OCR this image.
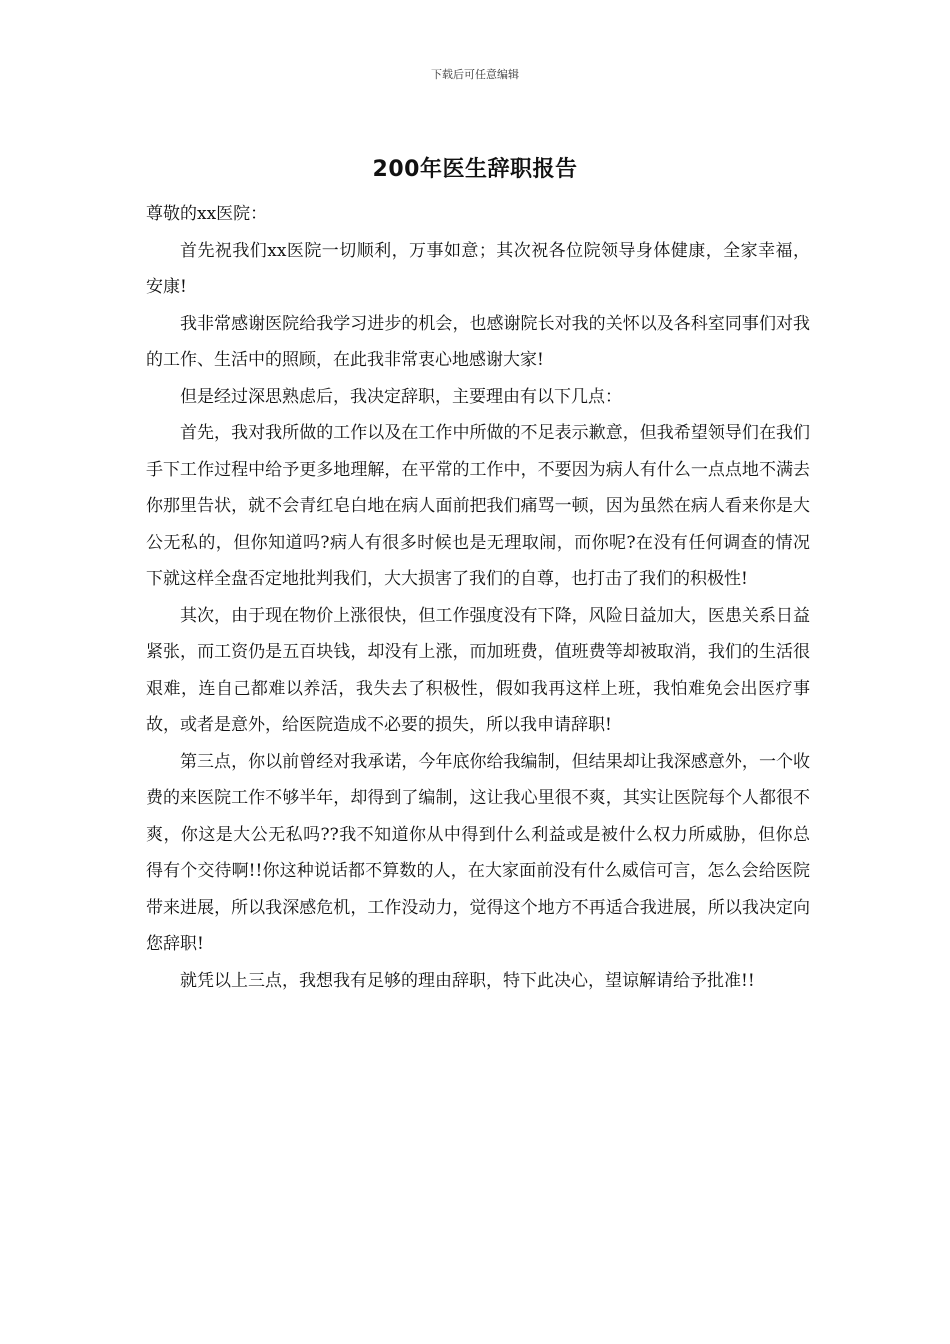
下载后可任意编辑
200年医生辞职报告

尊敬的xx医院：

首先祝我们xx医院一切顺利，万事如意；其次祝各位院领导身体健康，全家幸福，安康!

我非常感谢医院给我学习进步的机会，也感谢院长对我的关怀以及各科室同事们对我的工作、生活中的照顾，在此我非常衷心地感谢大家!

但是经过深思熟虑后，我决定辞职，主要理由有以下几点：

首先，我对我所做的工作以及在工作中所做的不足表示歉意，但我希望领导们在我们手下工作过程中给予更多地理解，在平常的工作中，不要因为病人有什么一点点地不满去你那里告状，就不会青红皂白地在病人面前把我们痛骂一顿，因为虽然在病人看来你是大公无私的，但你知道吗?病人有很多时候也是无理取闹，而你呢?在没有任何调查的情况下就这样全盘否定地批判我们，大大损害了我们的自尊，也打击了我们的积极性!

其次，由于现在物价上涨很快，但工作强度没有下降，风险日益加大，医患关系日益紧张，而工资仍是五百块钱，却没有上涨，而加班费，值班费等却被取消，我们的生活很艰难，连自己都难以养活，我失去了积极性，假如我再这样上班，我怕难免会出医疗事故，或者是意外，给医院造成不必要的损失，所以我申请辞职!

第三点，你以前曾经对我承诺，今年底你给我编制，但结果却让我深感意外，一个收费的来医院工作不够半年，却得到了编制，这让我心里很不爽，其实让医院每个人都很不爽，你这是大公无私吗??我不知道你从中得到什么利益或是被什么权力所威胁，但你总得有个交待啊!!你这种说话都不算数的人，在大家面前没有什么威信可言，怎么会给医院带来进展，所以我深感危机，工作没动力，觉得这个地方不再适合我进展，所以我决定向您辞职!

就凭以上三点，我想我有足够的理由辞职，特下此决心，望谅解请给予批准!!
